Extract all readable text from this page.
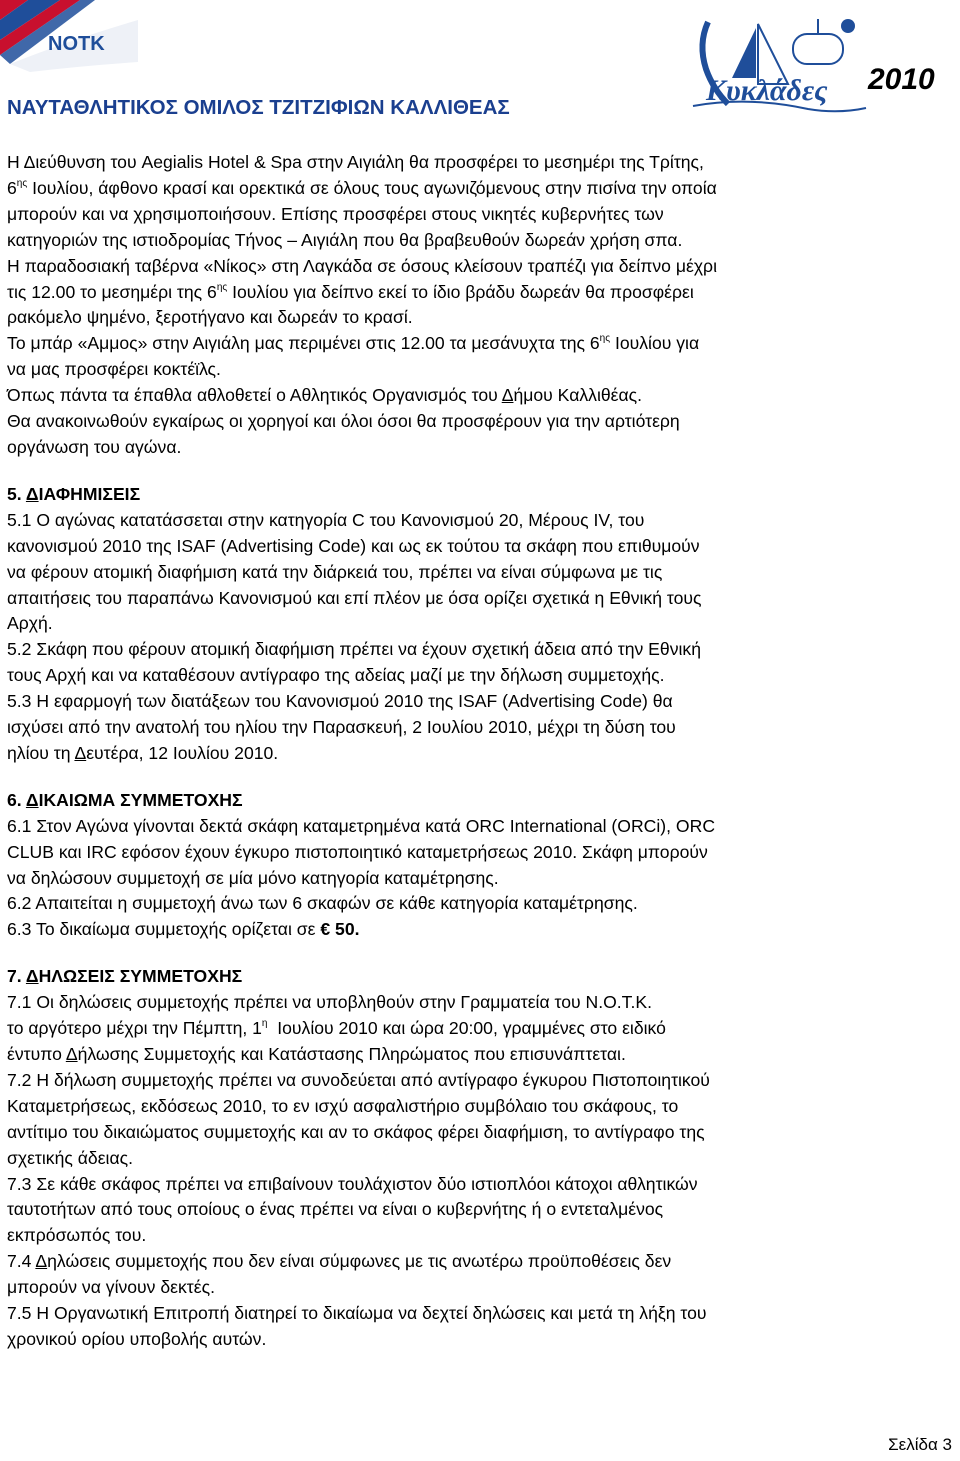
NOTK
ΝΑΥΤΑΘΛΗΤΙΚΟΣ ΟΜΙΛΟΣ ΤΖΙΤΖΙΦΙΩΝ ΚΑΛΛΙΘΕΑΣ
Κυκλάδες 2010

Η Διεύθυνση του Aegialis Hotel & Spa στην Αιγιάλη θα προσφέρει το μεσημέρι της Τρίτης,

$6^{\eta\varsigma}$ Ιουλίου, άφθονο κρασί και ορεκτικά σε όλους τους αγωνιζόμενους στην πισίνα την οποία

μπορούν και να χρησιμοποιήσουν. Επίσης προσφέρει στους νικητές κυβερνήτες των

κατηγοριών της ιστιοδρομίας Τήνος – Αιγιάλη που θα βραβευθούν δωρεάν χρήση σπα.

Η παραδοσιακή ταβέρνα «Νίκος» στη Λαγκάδα σε όσους κλείσουν τραπέζι για δείπνο μέχρι

τις 12.00 το μεσημέρι της $6^{\eta\varsigma}$ Ιουλίου για δείπνο εκεί το ίδιο βράδυ δωρεάν θα προσφέρει

ρακόμελο ψημένο, ξεροτήγανο και δωρεάν το κρασί.

Το μπάρ «Αμμος» στην Αιγιάλη μας περιμένει στις 12.00 τα μεσάνυχτα της $6^{\eta\varsigma}$ Ιουλίου για

να μας προσφέρει κοκτέϊλς.

Όπως πάντα τα έπαθλα αθλοθετεί ο Αθλητικός Οργανισμός του Δήμου Καλλιθέας.

Θα ανακοινωθούν εγκαίρως οι χορηγοί και όλοι όσοι θα προσφέρουν για την αρτιότερη

οργάνωση του αγώνα.

5. ΔΙΑΦΗΜΙΣΕΙΣ

5.1 Ο αγώνας κατατάσσεται στην κατηγορία C του Κανονισμού 20, Μέρους IV, του

κανονισμού 2010 της ISAF (Advertising Code) και ως εκ τούτου τα σκάφη που επιθυμούν

να φέρουν ατομική διαφήμιση κατά την διάρκειά του, πρέπει να είναι σύμφωνα με τις

απαιτήσεις του παραπάνω Κανονισμού και επί πλέον με όσα ορίζει σχετικά η Εθνική τους

Αρχή.

5.2 Σκάφη που φέρουν ατομική διαφήμιση πρέπει να έχουν σχετική άδεια από την Εθνική

τους Αρχή και να καταθέσουν αντίγραφο της αδείας μαζί με την δήλωση συμμετοχής.

5.3 Η εφαρμογή των διατάξεων του Κανονισμού 2010 της ISAF (Advertising Code) θα

ισχύσει από την ανατολή του ηλίου την Παρασκευή, 2 Ιουλίου 2010, μέχρι τη δύση του

ηλίου τη Δευτέρα, 12 Ιουλίου 2010.

6. ΔΙΚΑΙΩΜΑ ΣΥΜΜΕΤΟΧΗΣ

6.1 Στον Αγώνα γίνονται δεκτά σκάφη καταμετρημένα κατά ORC International (ORCi), ORC

CLUB και IRC εφόσον έχουν έγκυρο πιστοποιητικό καταμετρήσεως 2010. Σκάφη μπορούν

να δηλώσουν συμμετοχή σε μία μόνο κατηγορία καταμέτρησης.

6.2 Απαιτείται η συμμετοχή άνω των 6 σκαφών σε κάθε κατηγορία καταμέτρησης.

6.3 Το δικαίωμα συμμετοχής ορίζεται σε € 50.

7. ΔΗΛΩΣΕΙΣ ΣΥΜΜΕΤΟΧΗΣ

7.1 Οι δηλώσεις συμμετοχής πρέπει να υποβληθούν στην Γραμματεία του Ν.Ο.Τ.Κ.

το αργότερο μέχρι την Πέμπτη, $1^\eta$  Ιουλίου 2010 και ώρα 20:00, γραμμένες στο ειδικό

έντυπο Δήλωσης Συμμετοχής και Κατάστασης Πληρώματος που επισυνάπτεται.

7.2 Η δήλωση συμμετοχής πρέπει να συνοδεύεται από αντίγραφο έγκυρου Πιστοποιητικού

Καταμετρήσεως, εκδόσεως 2010, το εν ισχύ ασφαλιστήριο συμβόλαιο του σκάφους, το

αντίτιμο του δικαιώματος συμμετοχής και αν το σκάφος φέρει διαφήμιση, το αντίγραφο της

σχετικής άδειας.

7.3 Σε κάθε σκάφος πρέπει να επιβαίνουν τουλάχιστον δύο ιστιοπλόοι κάτοχοι αθλητικών

ταυτοτήτων από τους οποίους ο ένας πρέπει να είναι ο κυβερνήτης ή ο εντεταλμένος

εκπρόσωπός του.

7.4 Δηλώσεις συμμετοχής που δεν είναι σύμφωνες με τις ανωτέρω προϋποθέσεις δεν

μπορούν να γίνουν δεκτές.

7.5 Η Οργανωτική Επιτροπή διατηρεί το δικαίωμα να δεχτεί δηλώσεις και μετά τη λήξη του

χρονικού ορίου υποβολής αυτών.

Σελίδα 3
